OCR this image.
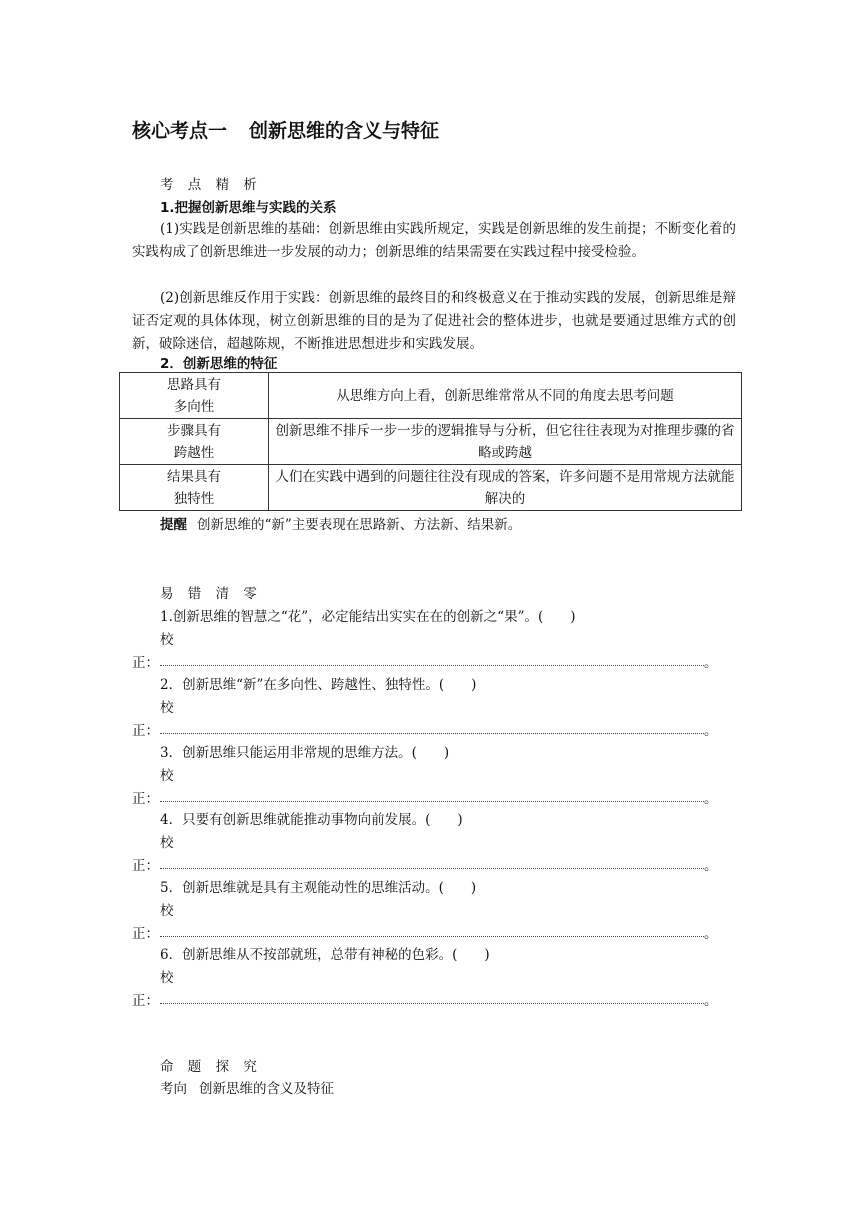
核心考点一 创新思维的含义与特征
考 点 精 析
1.把握创新思维与实践的关系
(1)实践是创新思维的基础：创新思维由实践所规定，实践是创新思维的发生前提；不断变化着的实践构成了创新思维进一步发展的动力；创新思维的结果需要在实践过程中接受检验。
(2)创新思维反作用于实践：创新思维的最终目的和终极意义在于推动实践的发展，创新思维是辩证否定观的具体体现，树立创新思维的目的是为了促进社会的整体进步，也就是要通过思维方式的创新，破除迷信，超越陈规，不断推进思想进步和实践发展。
2．创新思维的特征
思路具有
多向性	从思维方向上看，创新思维常常从不同的角度去思考问题
步骤具有
跨越性	创新思维不排斥一步一步的逻辑推导与分析，但它往往表现为对推理步骤的省略或跨越
结果具有
独特性	人们在实践中遇到的问题往往没有现成的答案，许多问题不是用常规方法就能解决的
提醒 创新思维的“新”主要表现在思路新、方法新、结果新。
易 错 清 零
1.创新思维的智慧之“花”，必定能结出实实在在的创新之“果”。(　　)
校
正：	。
2．创新思维“新”在多向性、跨越性、独特性。(　　)
校
正：	。
3．创新思维只能运用非常规的思维方法。(　　)
校
正：	。
4．只要有创新思维就能推动事物向前发展。(　　)
校
正：	。
5．创新思维就是具有主观能动性的思维活动。(　　)
校
正：	。
6．创新思维从不按部就班，总带有神秘的色彩。(　　)
校
正：	。
命 题 探 究
考向 创新思维的含义及特征
